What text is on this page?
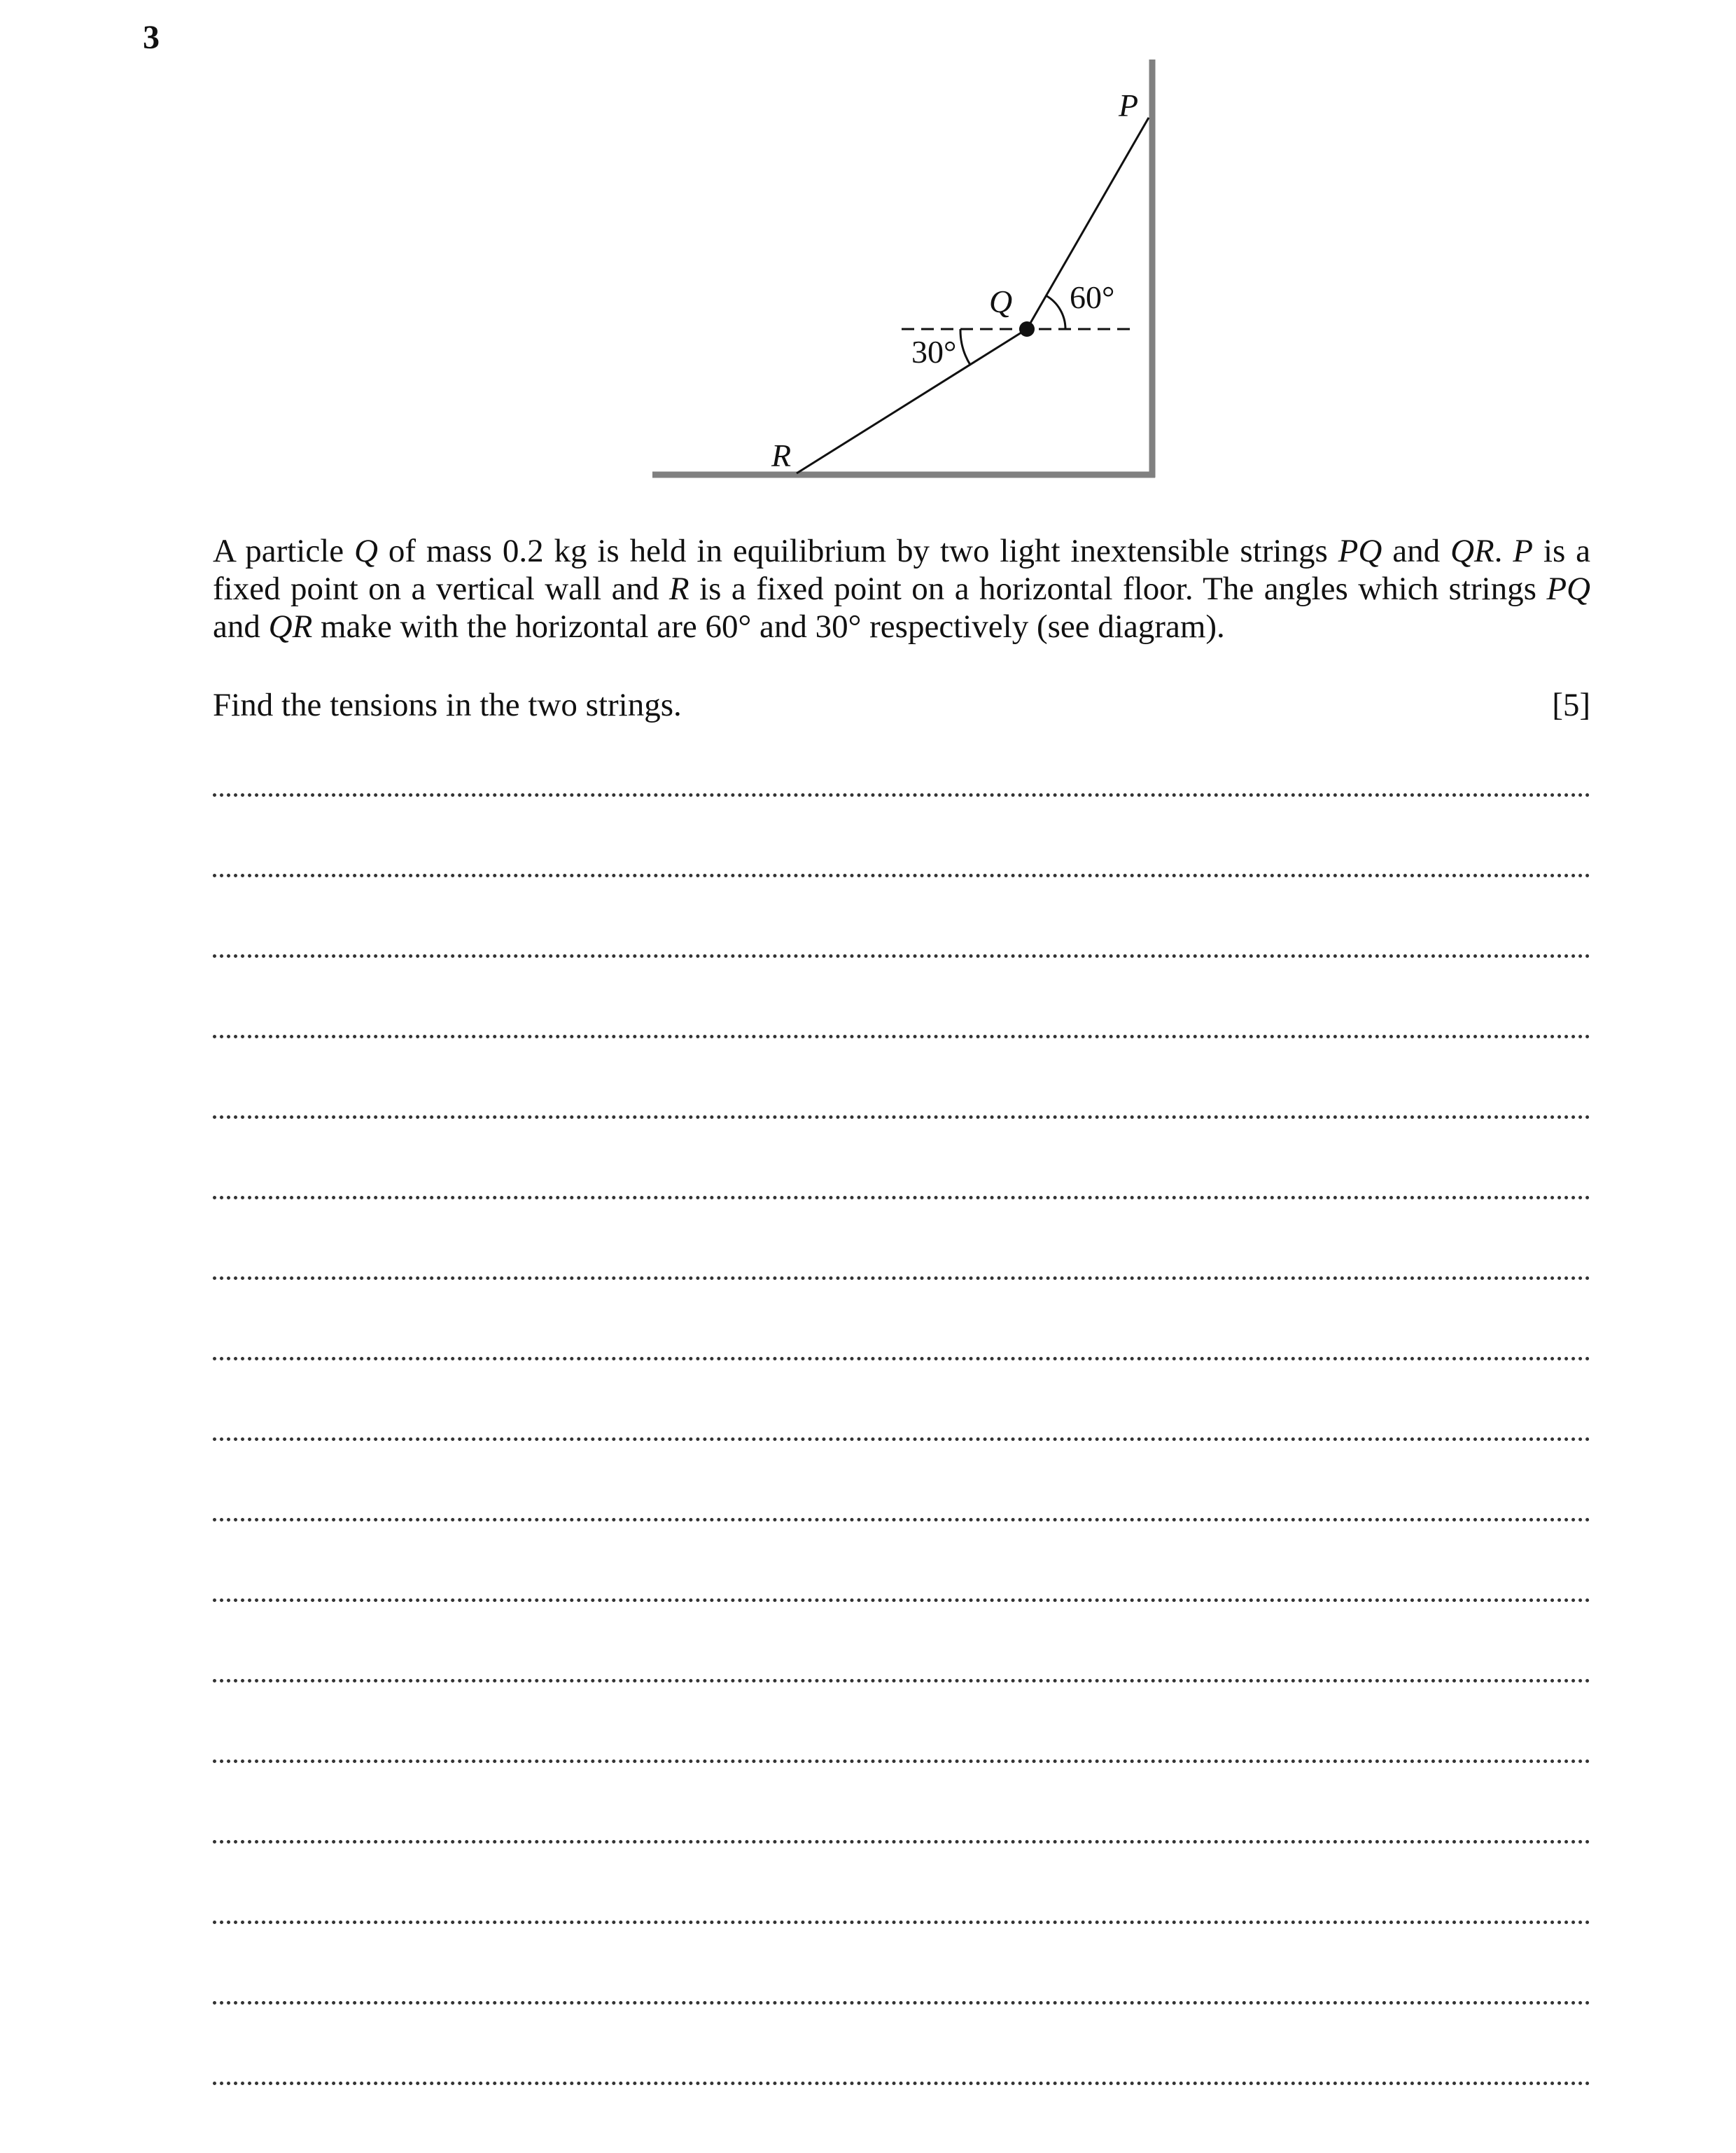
3
P
Q
R
60°
30°

A particle Q of mass 0.2 kg is held in equilibrium by two light inextensible strings PQ and QR. P is a fixed point on a vertical wall and R is a fixed point on a horizontal floor. The angles which strings PQ and QR make with the horizontal are 60° and 30° respectively (see diagram).

Find the tensions in the two strings.	[5]
